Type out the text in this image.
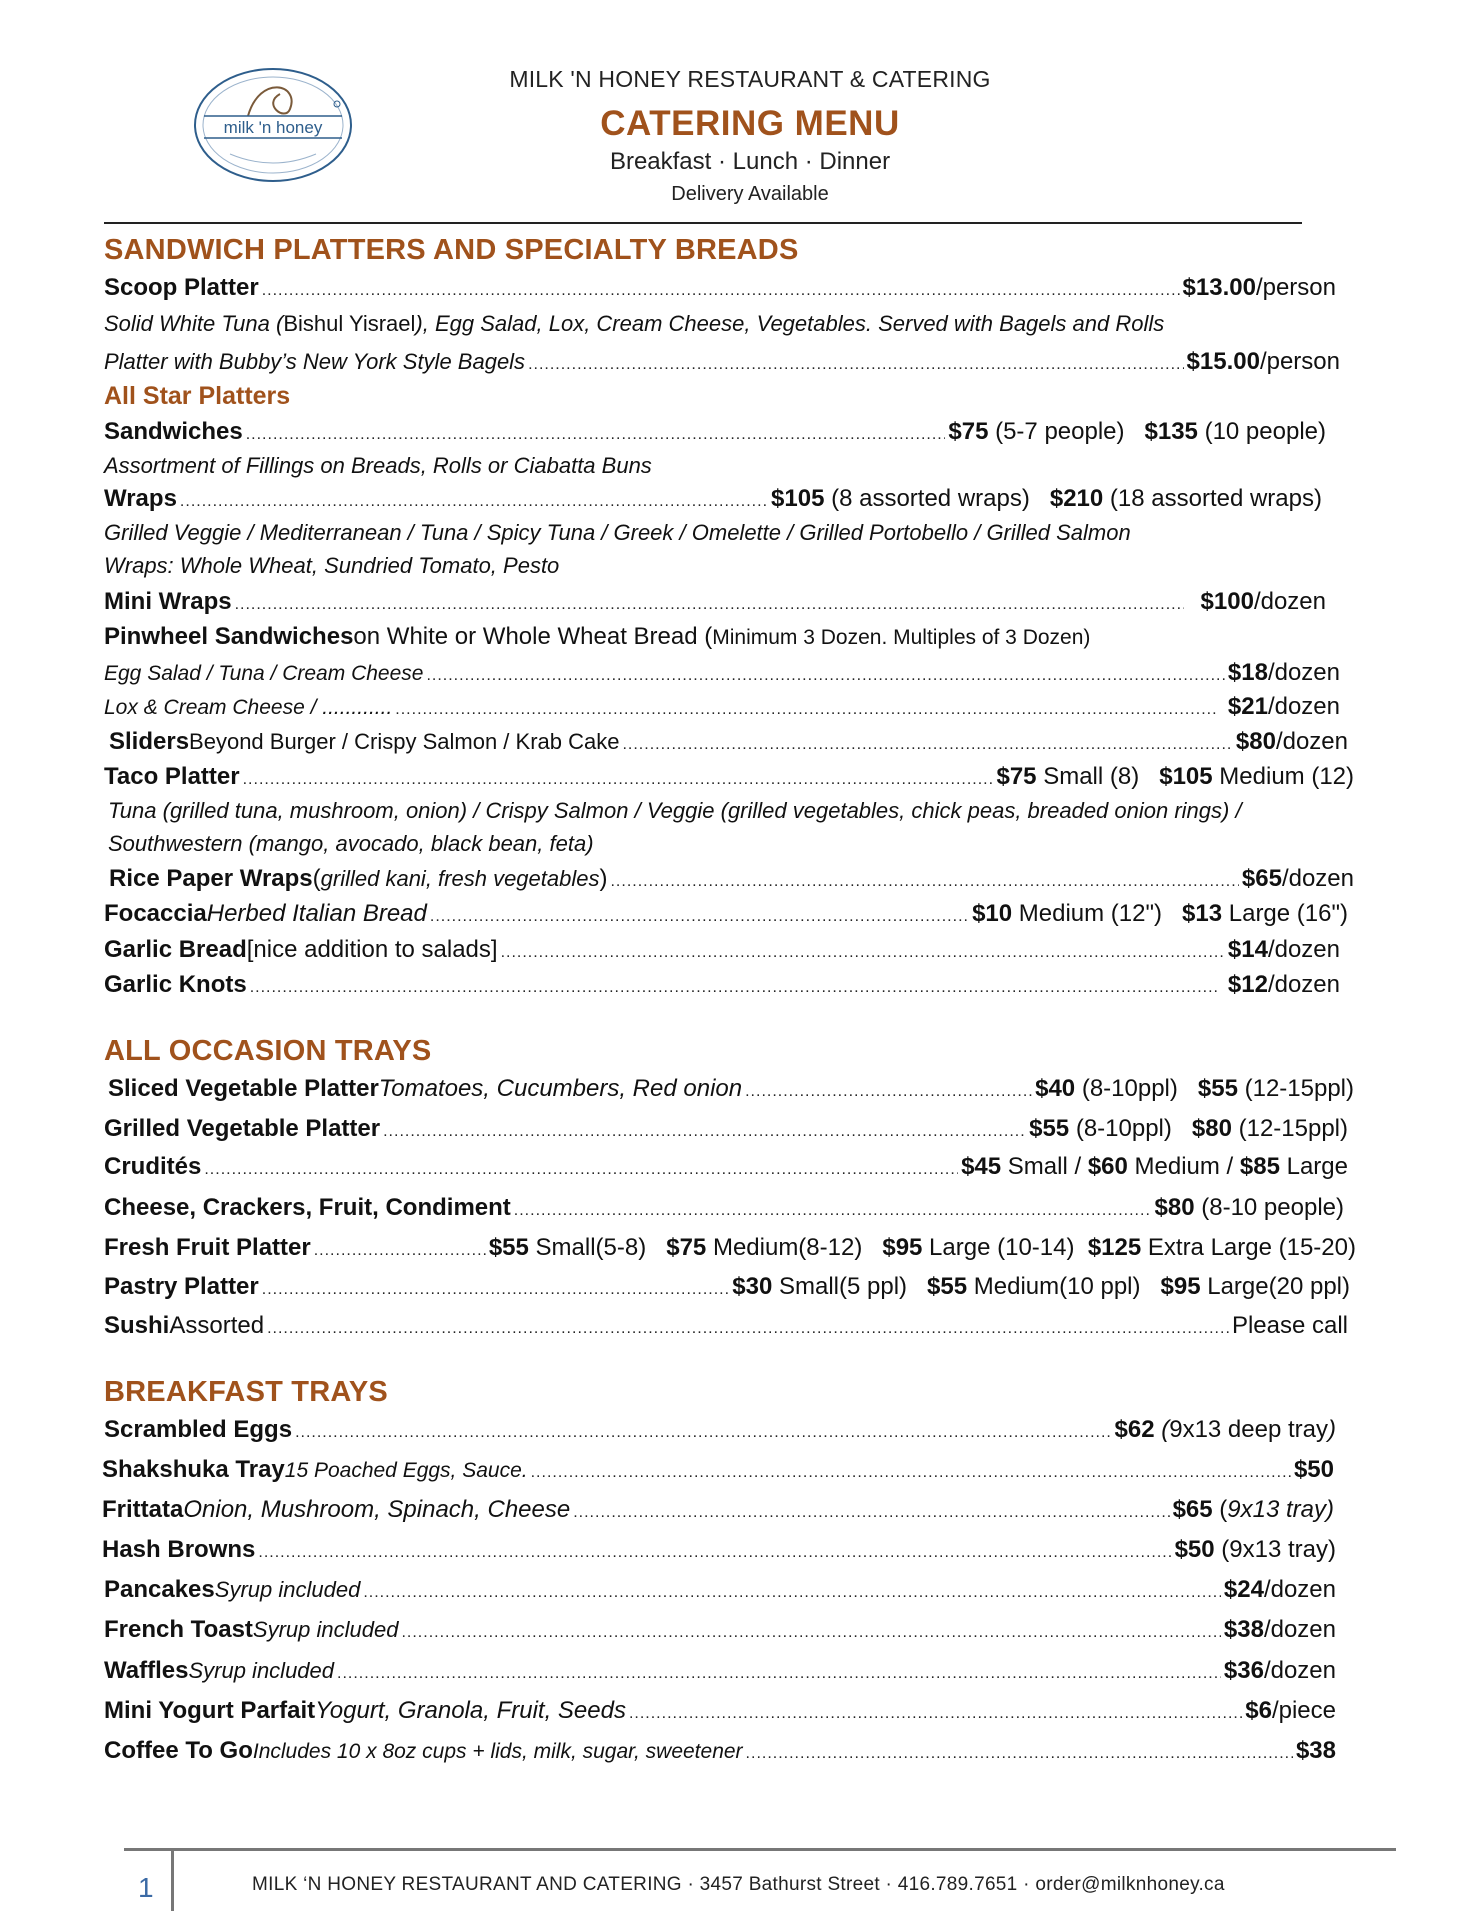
milk 'n honey
MILK 'N HONEY RESTAURANT & CATERING
CATERING MENU
Breakfast · Lunch · Dinner
Delivery Available
SANDWICH PLATTERS AND SPECIALTY BREADS
Scoop Platter .....	$13.00/person
Solid White Tuna (Bishul Yisrael), Egg Salad, Lox, Cream Cheese, Vegetables. Served with Bagels and Rolls
Platter with Bubby’s New York Style Bagels .....	$15.00/person
All Star Platters
Sandwiches .....	$75 (5-7 people) $135 (10 people)
Assortment of Fillings on Breads, Rolls or Ciabatta Buns
Wraps .....	$105 (8 assorted wraps) $210 (18 assorted wraps)
Grilled Veggie / Mediterranean / Tuna / Spicy Tuna / Greek / Omelette / Grilled Portobello / Grilled Salmon
Wraps: Whole Wheat, Sundried Tomato, Pesto
Mini Wraps .....	$100/dozen
Pinwheel Sandwiches on White or Whole Wheat Bread ( Minimum 3 Dozen. Multiples of 3 Dozen)
Egg Salad / Tuna / Cream Cheese .....	$18/dozen
Lox & Cream Cheese / ............ .....	$21/dozen
Sliders Beyond Burger / Crispy Salmon / Krab Cake .....	$80/dozen
Taco Platter .....	$75 Small (8) $105 Medium (12)
Tuna (grilled tuna, mushroom, onion) / Crispy Salmon / Veggie (grilled vegetables, chick peas, breaded onion rings) /
Southwestern (mango, avocado, black bean, feta)
Rice Paper Wraps ( grilled kani, fresh vegetables ) .....	$65/dozen
Focaccia Herbed Italian Bread .....	$10 Medium (12") $13 Large (16")
Garlic Bread [nice addition to salads] .....	$14/dozen
Garlic Knots .....	$12/dozen
ALL OCCASION TRAYS
Sliced Vegetable Platter Tomatoes, Cucumbers, Red onion .....	$40 (8-10ppl) $55 (12-15ppl)
Grilled Vegetable Platter .....	$55 (8-10ppl) $80 (12-15ppl)
Crudités .....	$45 Small / $60 Medium / $85 Large
Cheese, Crackers, Fruit, Condiment .....	$80 (8-10 people)
Fresh Fruit Platter .....	$55 Small(5-8) $75 Medium(8-12) $95 Large (10-14) $125 Extra Large (15-20)
Pastry Platter .....	$30 Small(5 ppl) $55 Medium(10 ppl) $95 Large(20 ppl)
Sushi Assorted .....	Please call
BREAKFAST TRAYS
Scrambled Eggs .....	$62 (9x13 deep tray)
Shakshuka Tray 15 Poached Eggs, Sauce. .....	$50
Frittata Onion, Mushroom, Spinach, Cheese .....	$65 (9x13 tray)
Hash Browns .....	$50 (9x13 tray)
Pancakes Syrup included .....	$24/dozen
French Toast Syrup included .....	$38/dozen
Waffles Syrup included .....	$36/dozen
Mini Yogurt Parfait Yogurt, Granola, Fruit, Seeds .....	$6/piece
Coffee To Go Includes 10 x 8oz cups + lids, milk, sugar, sweetener .....	$38
1	MILK ‘N HONEY RESTAURANT AND CATERING · 3457 Bathurst Street · 416.789.7651 · order@milknhoney.ca
